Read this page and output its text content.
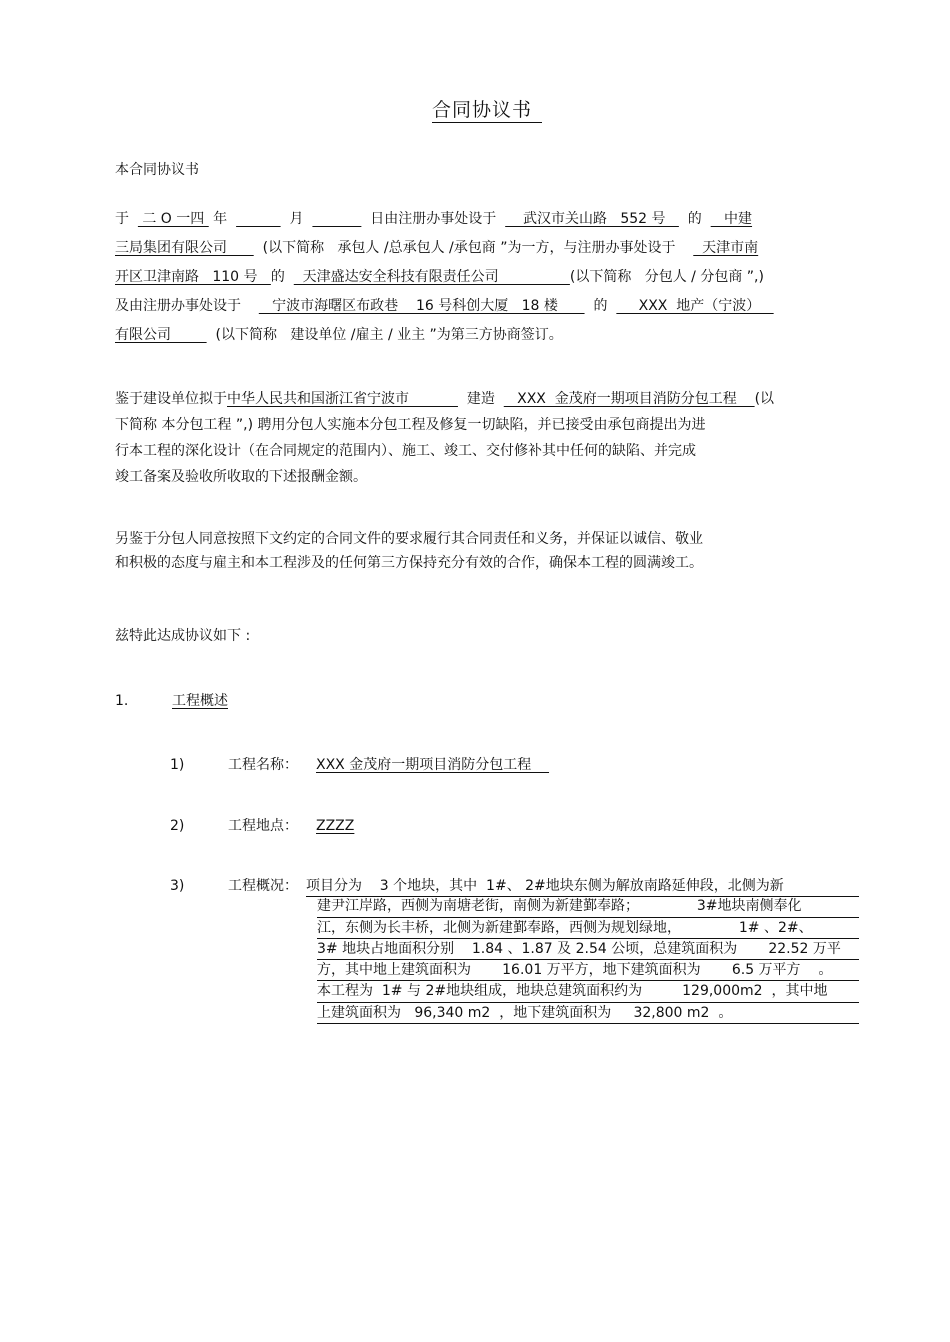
合同协议书
本合同协议书
于   二 O 一四  年	月	日由注册办事处设于      武汉市关山路   552 号     的     中建
三局集团有限公司        (以下简称   承包人 /总承包人 /承包商 ”为一方，与注册办事处设于      天津市南
开区卫津南路   110 号   的    天津盛达安全科技有限责任公司                (以下简称   分包人 / 分包商 ”,)
及由注册办事处设于       宁波市海曙区布政巷    16 号科创大厦   18 楼        的       XXX  地产（宁波）
有限公司          (以下简称   建设单位 /雇主 / 业主 ”为第三方协商签订。
鉴于建设单位拟于中华人民共和国浙江省宁波市             建造     XXX  金茂府一期项目消防分包工程    (以
下简称 本分包工程 ”,) 聘用分包人实施本分包工程及修复一切缺陷，并已接受由承包商提出为进
行本工程的深化设计（在合同规定的范围内）、施工、竣工、交付修补其中任何的缺陷、并完成
竣工备案及验收所收取的下述报酬金额。
另鉴于分包人同意按照下文约定的合同文件的要求履行其合同责任和义务，并保证以诚信、敬业
和积极的态度与雇主和本工程涉及的任何第三方保持充分有效的合作，确保本工程的圆满竣工。
兹特此达成协议如下 :
1.	工程概述
1)	工程名称： XXX 金茂府一期项目消防分包工程
2)	工程地点： ZZZZ
3)	工程概况： 项目分为    3 个地块，其中  1#、 2#地块东侧为解放南路延伸段，北侧为新
建尹江岸路，西侧为南塘老街，南侧为新建鄞奉路；             3#地块南侧奉化
江，东侧为长丰桥，北侧为新建鄞奉路，西侧为规划绿地，             1# 、2#、
3# 地块占地面积分别    1.84 、1.87 及 2.54 公顷，总建筑面积为       22.52 万平
方，其中地上建筑面积为       16.01 万平方，地下建筑面积为       6.5 万平方    。
本工程为  1# 与 2#地块组成，地块总建筑面积约为         129,000m2  ，其中地
上建筑面积为   96,340 m2  ，地下建筑面积为     32,800 m2  。
